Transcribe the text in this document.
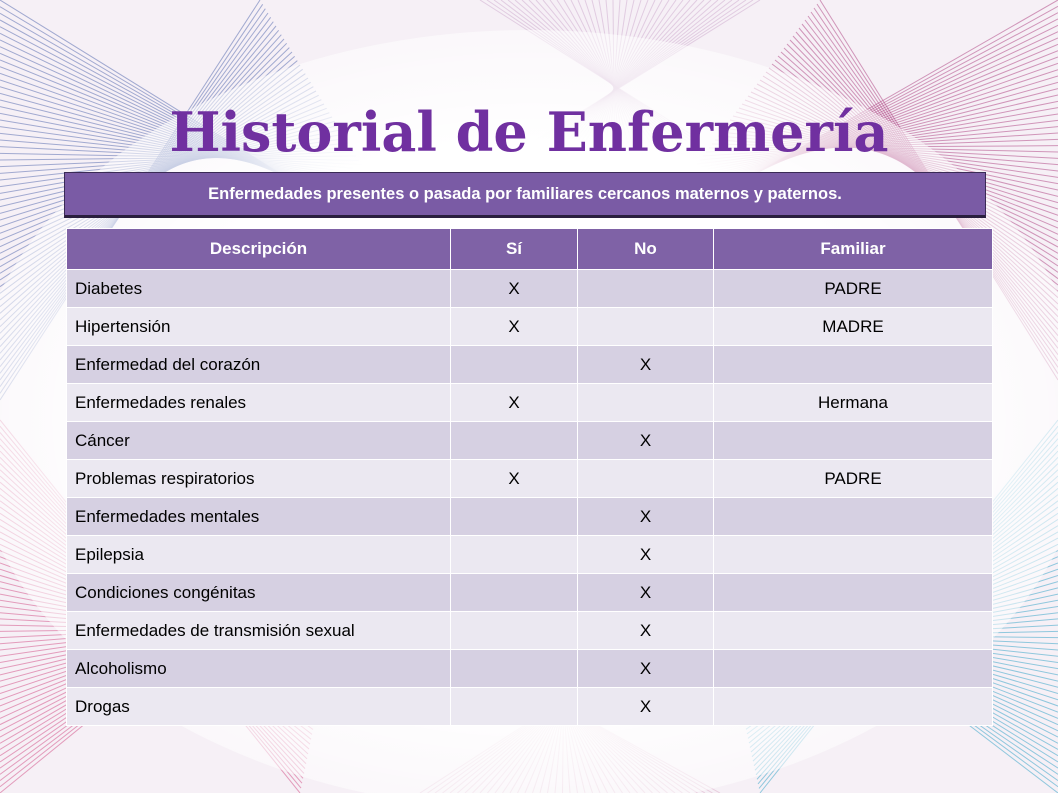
Historial de Enfermería
Enfermedades presentes o pasada por familiares cercanos maternos y paternos.
Descripción	Sí	No	Familiar
Diabetes	X		PADRE
Hipertensión	X		MADRE
Enfermedad del corazón		X	
Enfermedades renales	X		Hermana
Cáncer		X	
Problemas respiratorios	X		PADRE
Enfermedades mentales		X	
Epilepsia		X	
Condiciones congénitas		X	
Enfermedades de transmisión sexual		X	
Alcoholismo		X	
Drogas		X	
